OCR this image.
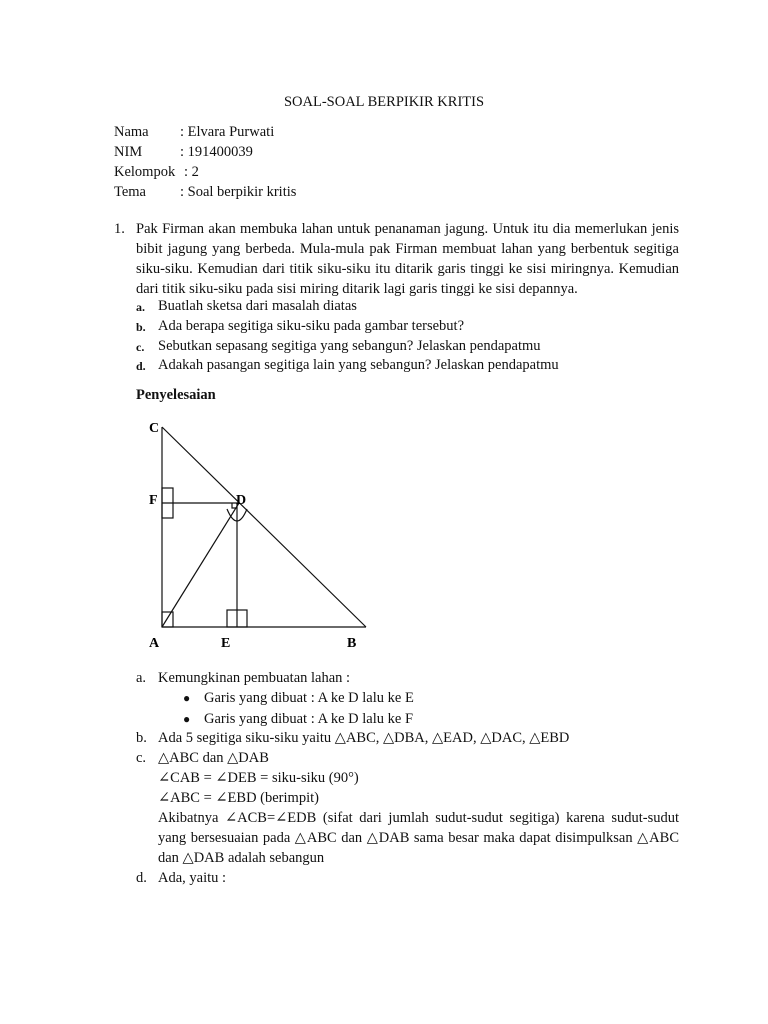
SOAL-SOAL BERPIKIR KRITIS

Nama : Elvara Purwati

NIM	: 191400039

Kelompok : 2

Tema : Soal berpikir kritis

1. Pak Firman akan membuka lahan untuk penanaman jagung. Untuk itu dia memerlukan jenis bibit jagung yang berbeda. Mula-mula pak Firman membuat lahan yang berbentuk segitiga siku-siku. Kemudian dari titik siku-siku itu ditarik garis tinggi ke sisi miringnya. Kemudian dari titik siku-siku pada sisi miring ditarik lagi garis tinggi ke sisi depannya.

a. Buatlah sketsa dari masalah diatas

b. Ada berapa segitiga siku-siku pada gambar tersebut?

c. Sebutkan sepasang segitiga yang sebangun? Jelaskan pendapatmu

d. Adakah pasangan segitiga lain yang sebangun? Jelaskan pendapatmu

Penyelesaian

C
F	D
A	E	B

a. Kemungkinan pembuatan lahan :

● Garis yang dibuat : A ke D lalu ke E

● Garis yang dibuat : A ke D lalu ke F

b. Ada 5 segitiga siku-siku yaitu △ABC, △DBA, △EAD, △DAC, △EBD

c. △ABC dan △DAB

∠CAB = ∠DEB = siku-siku (90°)

∠ABC = ∠EBD (berimpit)

Akibatnya ∠ACB=∠EDB (sifat dari jumlah sudut-sudut segitiga) karena sudut-sudut yang bersesuaian pada △ABC dan △DAB sama besar maka dapat disimpulksan △ABC dan △DAB adalah sebangun

d. Ada, yaitu :
